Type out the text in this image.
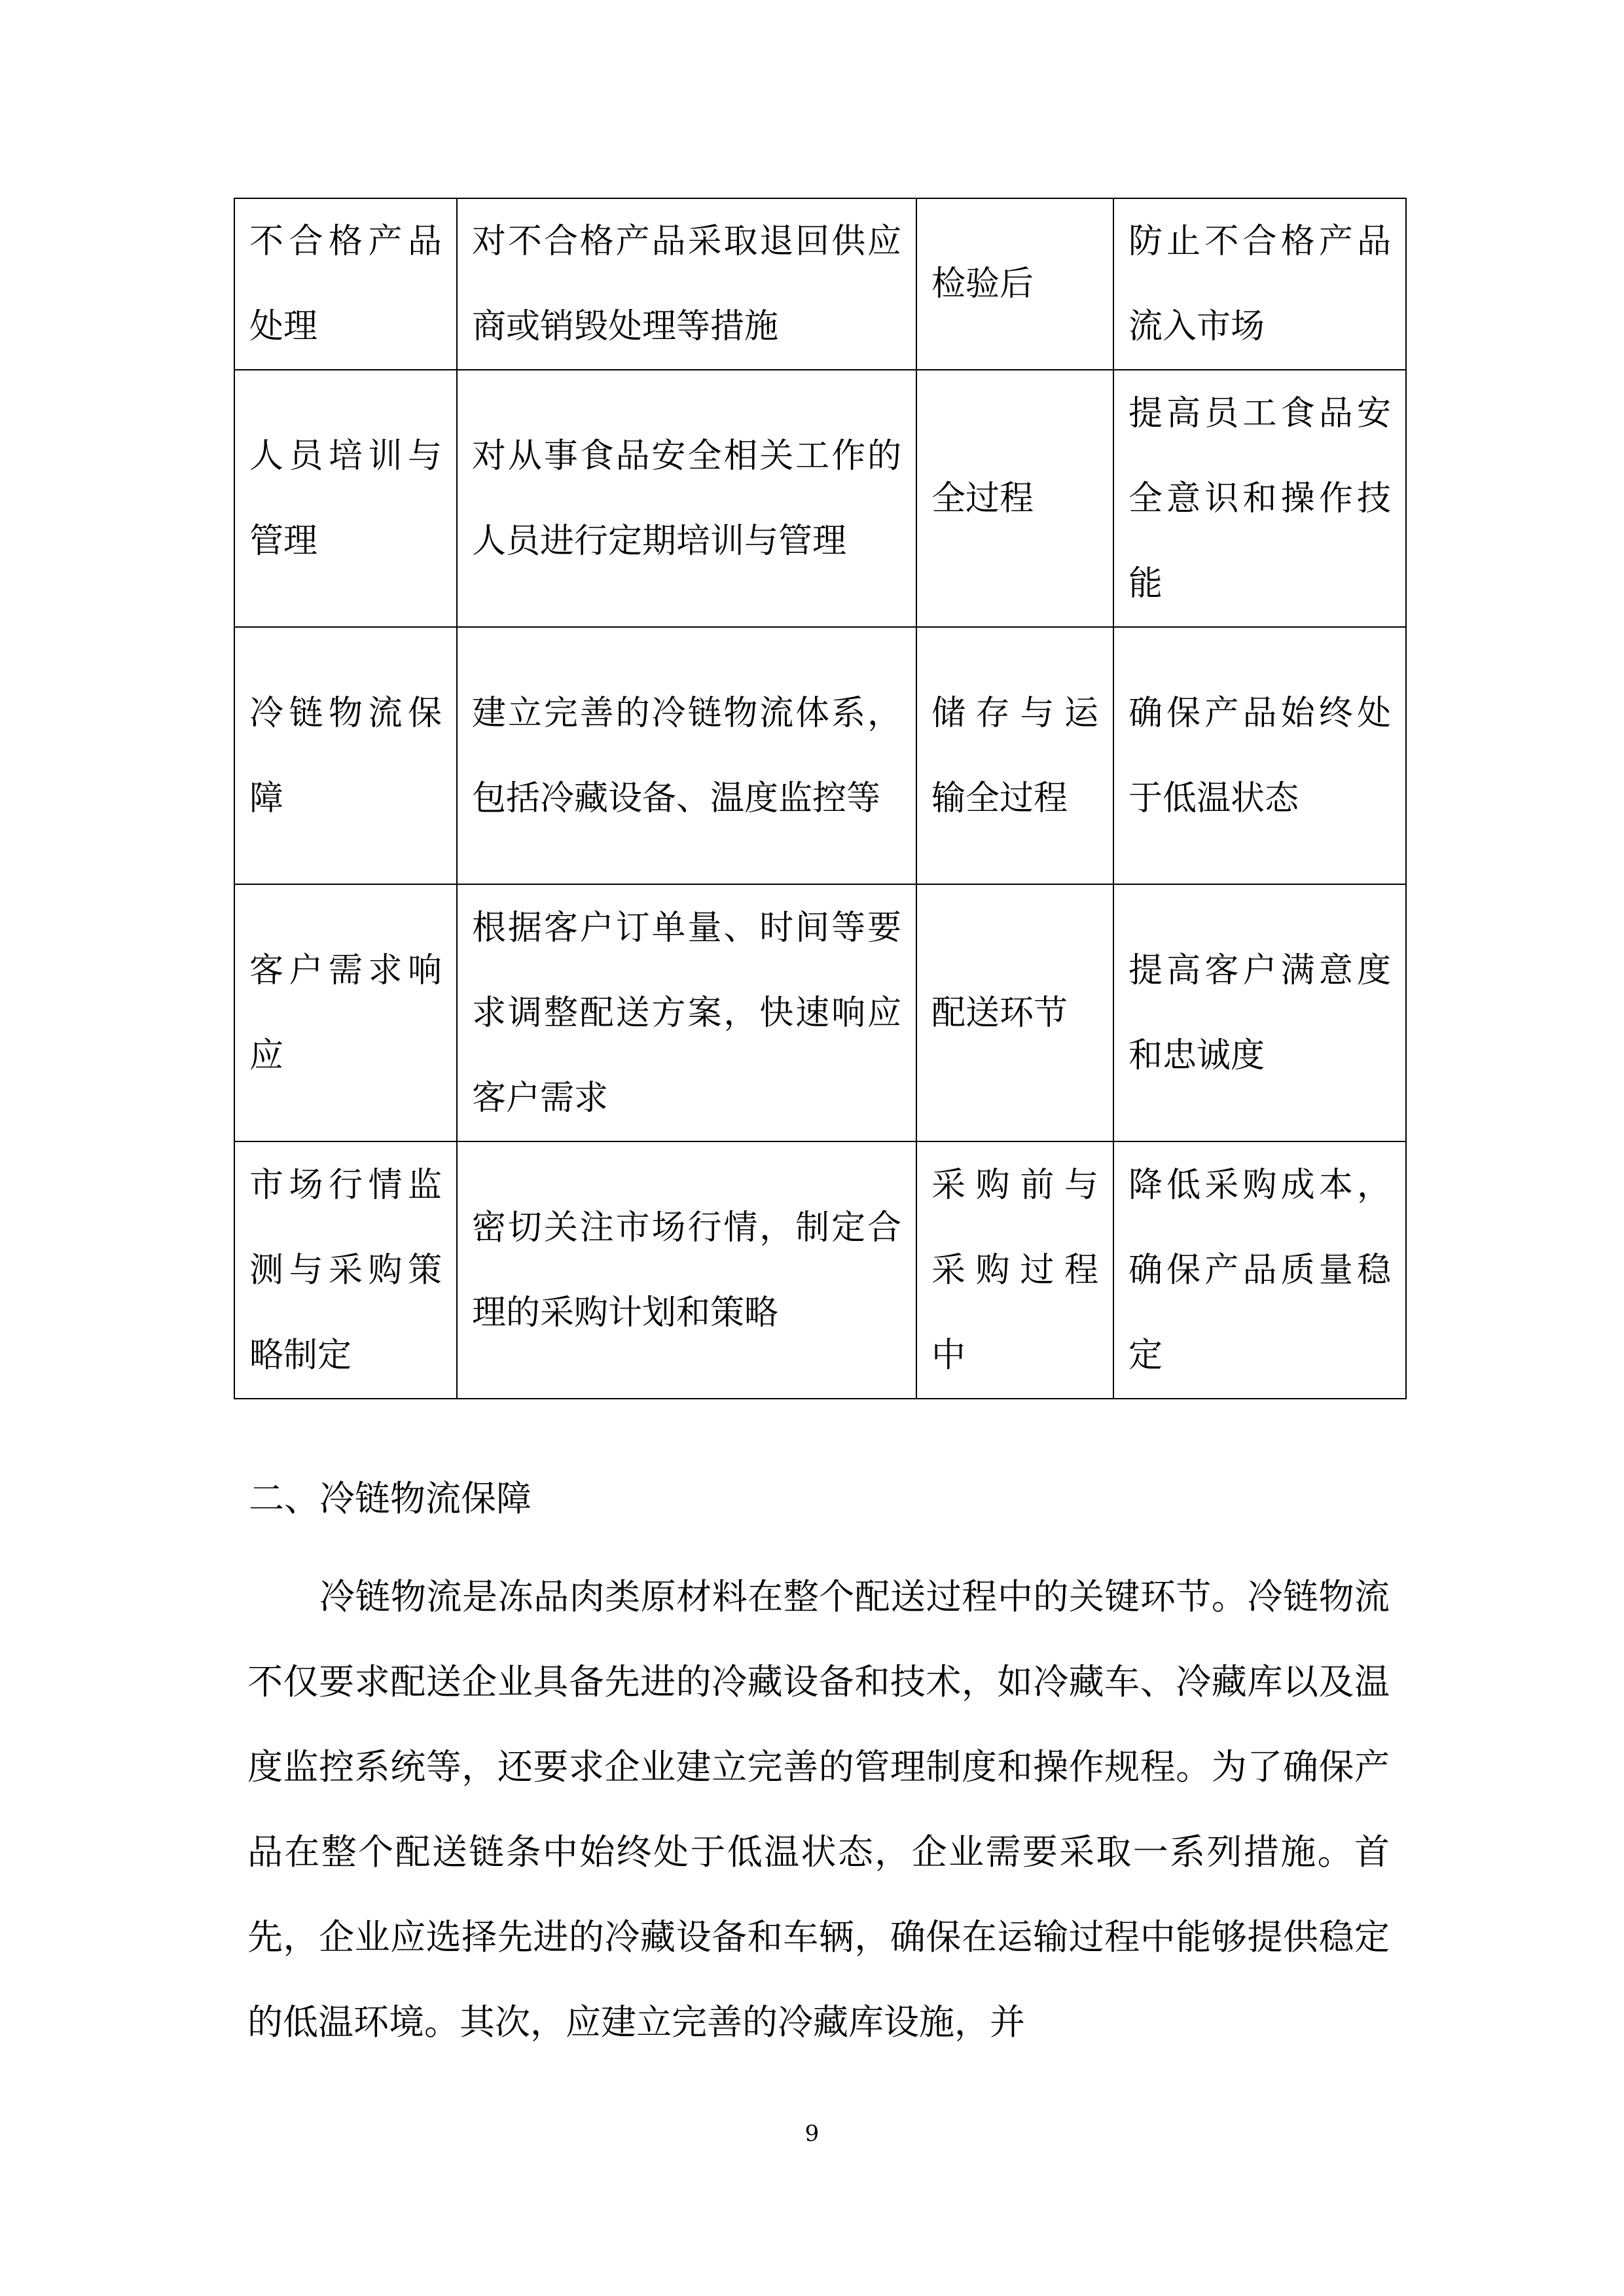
不合格产品处理	对不合格产品采取退回供应商或销毁处理等措施	检验后	防止不合格产品流入市场
人员培训与管理	对从事食品安全相关工作的人员进行定期培训与管理	全过程	提高员工食品安全意识和操作技能
冷链物流保障	建立完善的冷链物流体系，包括冷藏设备、温度监控等	储存与运输全过程	确保产品始终处于低温状态
客户需求响应	根据客户订单量、时间等要求调整配送方案，快速响应客户需求	配送环节	提高客户满意度和忠诚度
市场行情监测与采购策略制定	密切关注市场行情，制定合理的采购计划和策略	采购前与采购过程中	降低采购成本，确保产品质量稳定
二、冷链物流保障

冷链物流是冻品肉类原材料在整个配送过程中的关键环节。冷链物流不仅要求配送企业具备先进的冷藏设备和技术，如冷藏车、冷藏库以及温度监控系统等，还要求企业建立完善的管理制度和操作规程。为了确保产品在整个配送链条中始终处于低温状态，企业需要采取一系列措施。首先，企业应选择先进的冷藏设备和车辆，确保在运输过程中能够提供稳定的低温环境。其次，应建立完善的冷藏库设施，并

9
